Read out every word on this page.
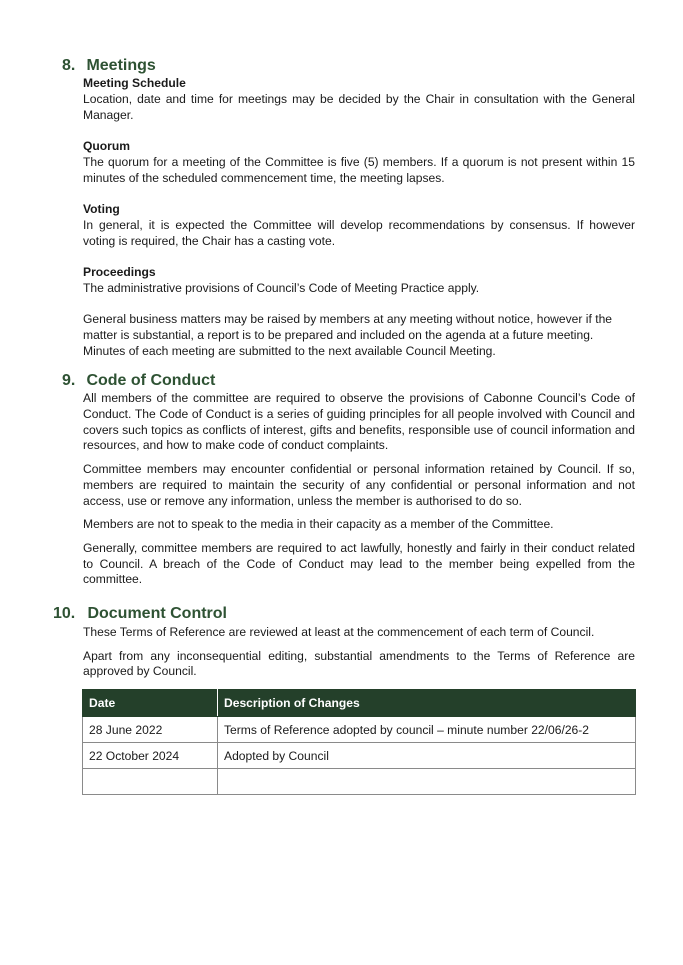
8. Meetings

Meeting Schedule

Location, date and time for meetings may be decided by the Chair in consultation with the General Manager.

Quorum

The quorum for a meeting of the Committee is five (5) members. If a quorum is not present within 15 minutes of the scheduled commencement time, the meeting lapses.

Voting

In general, it is expected the Committee will develop recommendations by consensus. If however voting is required, the Chair has a casting vote.

Proceedings

The administrative provisions of Council’s Code of Meeting Practice apply.

General business matters may be raised by members at any meeting without notice, however if the matter is substantial, a report is to be prepared and included on the agenda at a future meeting. Minutes of each meeting are submitted to the next available Council Meeting.

9. Code of Conduct

All members of the committee are required to observe the provisions of Cabonne Council’s Code of Conduct. The Code of Conduct is a series of guiding principles for all people involved with Council and covers such topics as conflicts of interest, gifts and benefits, responsible use of council information and resources, and how to make code of conduct complaints.

Committee members may encounter confidential or personal information retained by Council. If so, members are required to maintain the security of any confidential or personal information and not access, use or remove any information, unless the member is authorised to do so.

Members are not to speak to the media in their capacity as a member of the Committee.

Generally, committee members are required to act lawfully, honestly and fairly in their conduct related to Council. A breach of the Code of Conduct may lead to the member being expelled from the committee.

10. Document Control

These Terms of Reference are reviewed at least at the commencement of each term of Council.

Apart from any inconsequential editing, substantial amendments to the Terms of Reference are approved by Council.

Date	Description of Changes
28 June 2022	Terms of Reference adopted by council – minute number 22/06/26-2
22 October 2024	Adopted by Council
